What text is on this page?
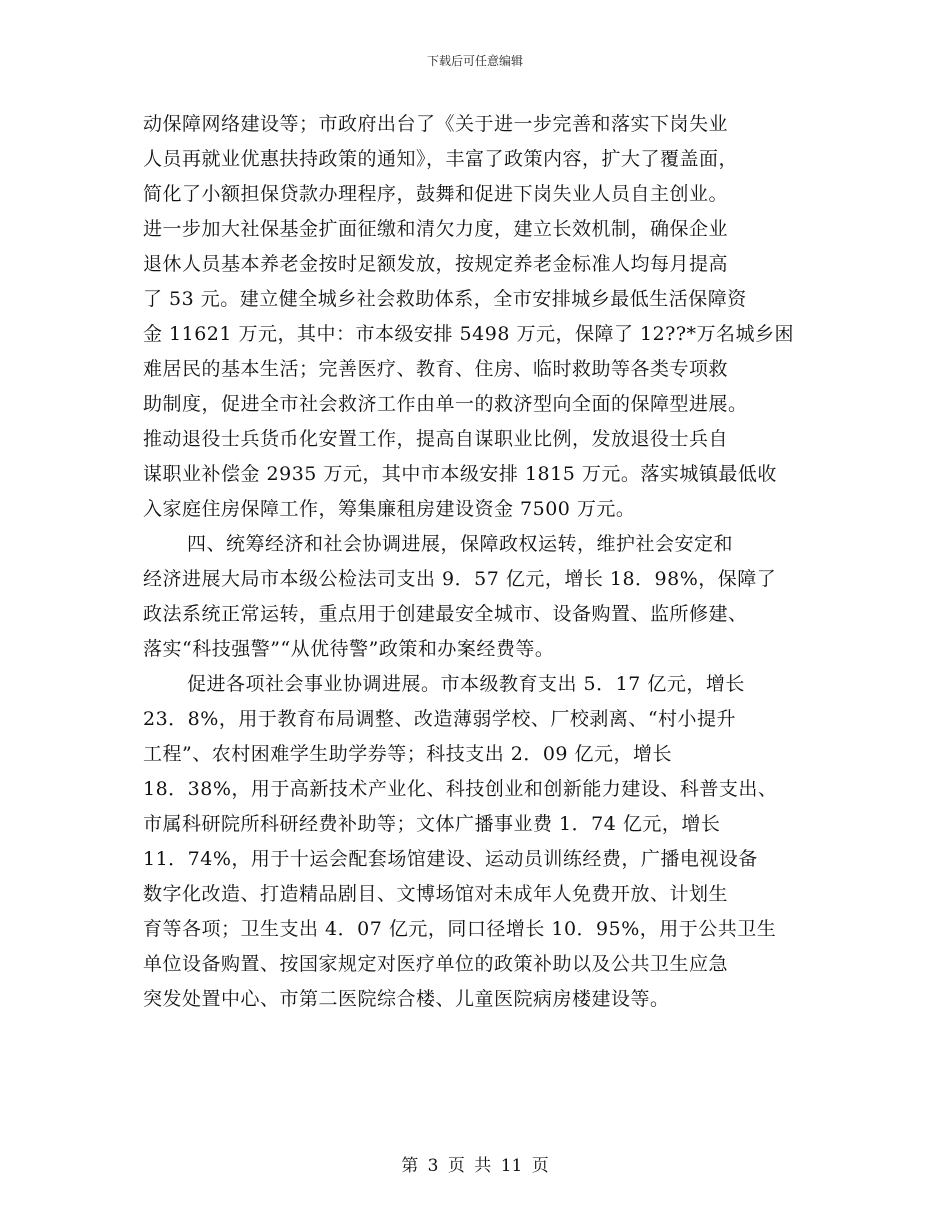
下载后可任意编辑
动保障网络建设等；市政府出台了《关于进一步完善和落实下岗失业
人员再就业优惠扶持政策的通知》，丰富了政策内容，扩大了覆盖面，
简化了小额担保贷款办理程序，鼓舞和促进下岗失业人员自主创业。
进一步加大社保基金扩面征缴和清欠力度，建立长效机制，确保企业
退休人员基本养老金按时足额发放，按规定养老金标准人均每月提高
了 53 元。建立健全城乡社会救助体系，全市安排城乡最低生活保障资
金 11621 万元，其中：市本级安排 5498 万元，保障了 12??*万名城乡困
难居民的基本生活；完善医疗、教育、住房、临时救助等各类专项救
助制度，促进全市社会救济工作由单一的救济型向全面的保障型进展。
推动退役士兵货币化安置工作，提高自谋职业比例，发放退役士兵自
谋职业补偿金 2935 万元，其中市本级安排 1815 万元。落实城镇最低收
入家庭住房保障工作，筹集廉租房建设资金 7500 万元。
四、统筹经济和社会协调进展，保障政权运转，维护社会安定和
经济进展大局市本级公检法司支出 9．57 亿元，增长 18．98%，保障了
政法系统正常运转，重点用于创建最安全城市、设备购置、监所修建、
落实“科技强警”“从优待警”政策和办案经费等。
促进各项社会事业协调进展。市本级教育支出 5．17 亿元，增长
23．8%，用于教育布局调整、改造薄弱学校、厂校剥离、“村小提升
工程”、农村困难学生助学券等；科技支出 2．09 亿元，增长
18．38%，用于高新技术产业化、科技创业和创新能力建设、科普支出、
市属科研院所科研经费补助等；文体广播事业费 1．74 亿元，增长
11．74%，用于十运会配套场馆建设、运动员训练经费，广播电视设备
数字化改造、打造精品剧目、文博场馆对未成年人免费开放、计划生
育等各项；卫生支出 4．07 亿元，同口径增长 10．95%，用于公共卫生
单位设备购置、按国家规定对医疗单位的政策补助以及公共卫生应急
突发处置中心、市第二医院综合楼、儿童医院病房楼建设等。
第 3 页 共 11 页
